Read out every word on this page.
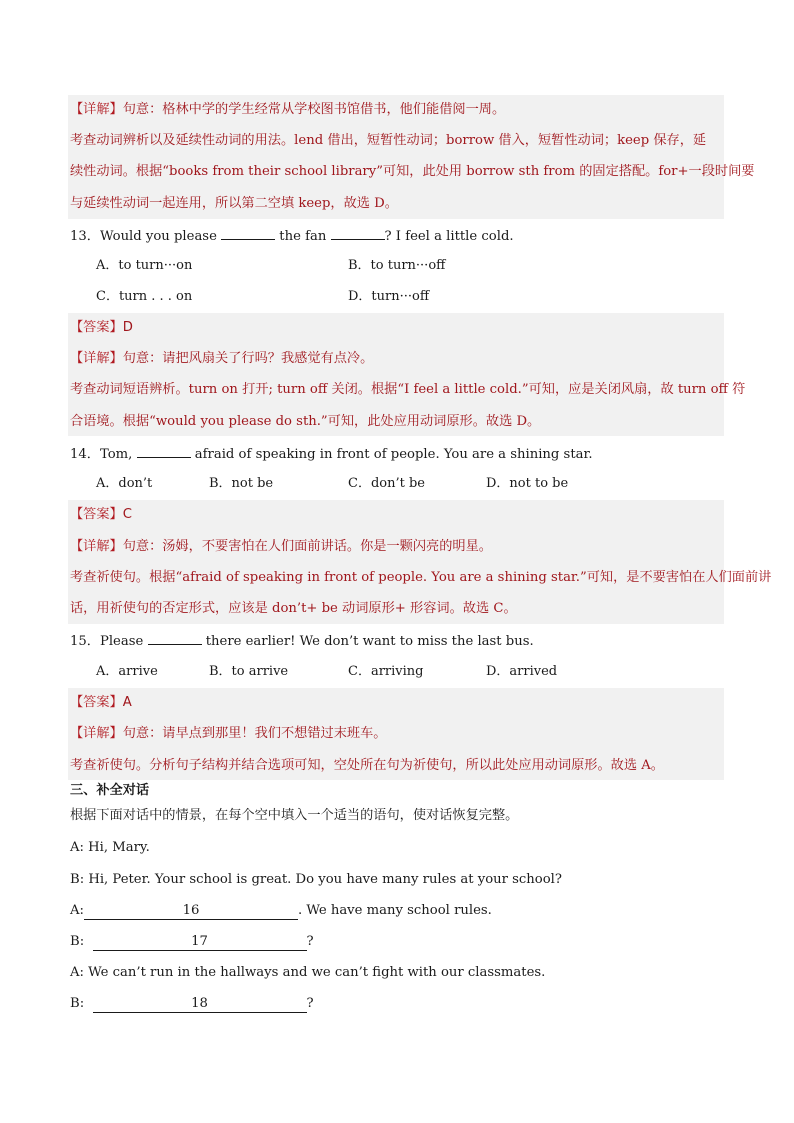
【详解】句意：格林中学的学生经常从学校图书馆借书，他们能借阅一周。
考查动词辨析以及延续性动词的用法。lend 借出，短暂性动词；borrow 借入，短暂性动词；keep 保存，延
续性动词。根据“books from their school library”可知，此处用 borrow sth from 的固定搭配。for+一段时间要
与延续性动词一起连用，所以第二空填 keep，故选 D。
13．Would you please	the fan	? I feel a little cold.
A．to turn···on	B．to turn···off
C．turn . . . on	D．turn···off
【答案】D
【详解】句意：请把风扇关了行吗？我感觉有点冷。
考查动词短语辨析。turn on 打开; turn off 关闭。根据“I feel a little cold.”可知，应是关闭风扇，故 turn off 符
合语境。根据“would you please do sth.”可知，此处应用动词原形。故选 D。
14．Tom,	afraid of speaking in front of people. You are a shining star.
A．don’t	B．not be	C．don’t be	D．not to be
【答案】C
【详解】句意：汤姆，不要害怕在人们面前讲话。你是一颗闪亮的明星。
考查祈使句。根据“afraid of speaking in front of people. You are a shining star.”可知，是不要害怕在人们面前讲
话，用祈使句的否定形式，应该是 don’t+ be 动词原形+ 形容词。故选 C。
15．Please	there earlier! We don’t want to miss the last bus.
A．arrive	B．to arrive	C．arriving	D．arrived
【答案】A
【详解】句意：请早点到那里！我们不想错过末班车。
考查祈使句。分析句子结构并结合选项可知，空处所在句为祈使句，所以此处应用动词原形。故选 A。
三、补全对话
根据下面对话中的情景，在每个空中填入一个适当的语句，使对话恢复完整。
A: Hi, Mary.
B: Hi, Peter. Your school is great. Do you have many rules at your school?
A:	16	. We have many school rules.
B:	17	?
A: We can’t run in the hallways and we can’t fight with our classmates.
B:	18	?
